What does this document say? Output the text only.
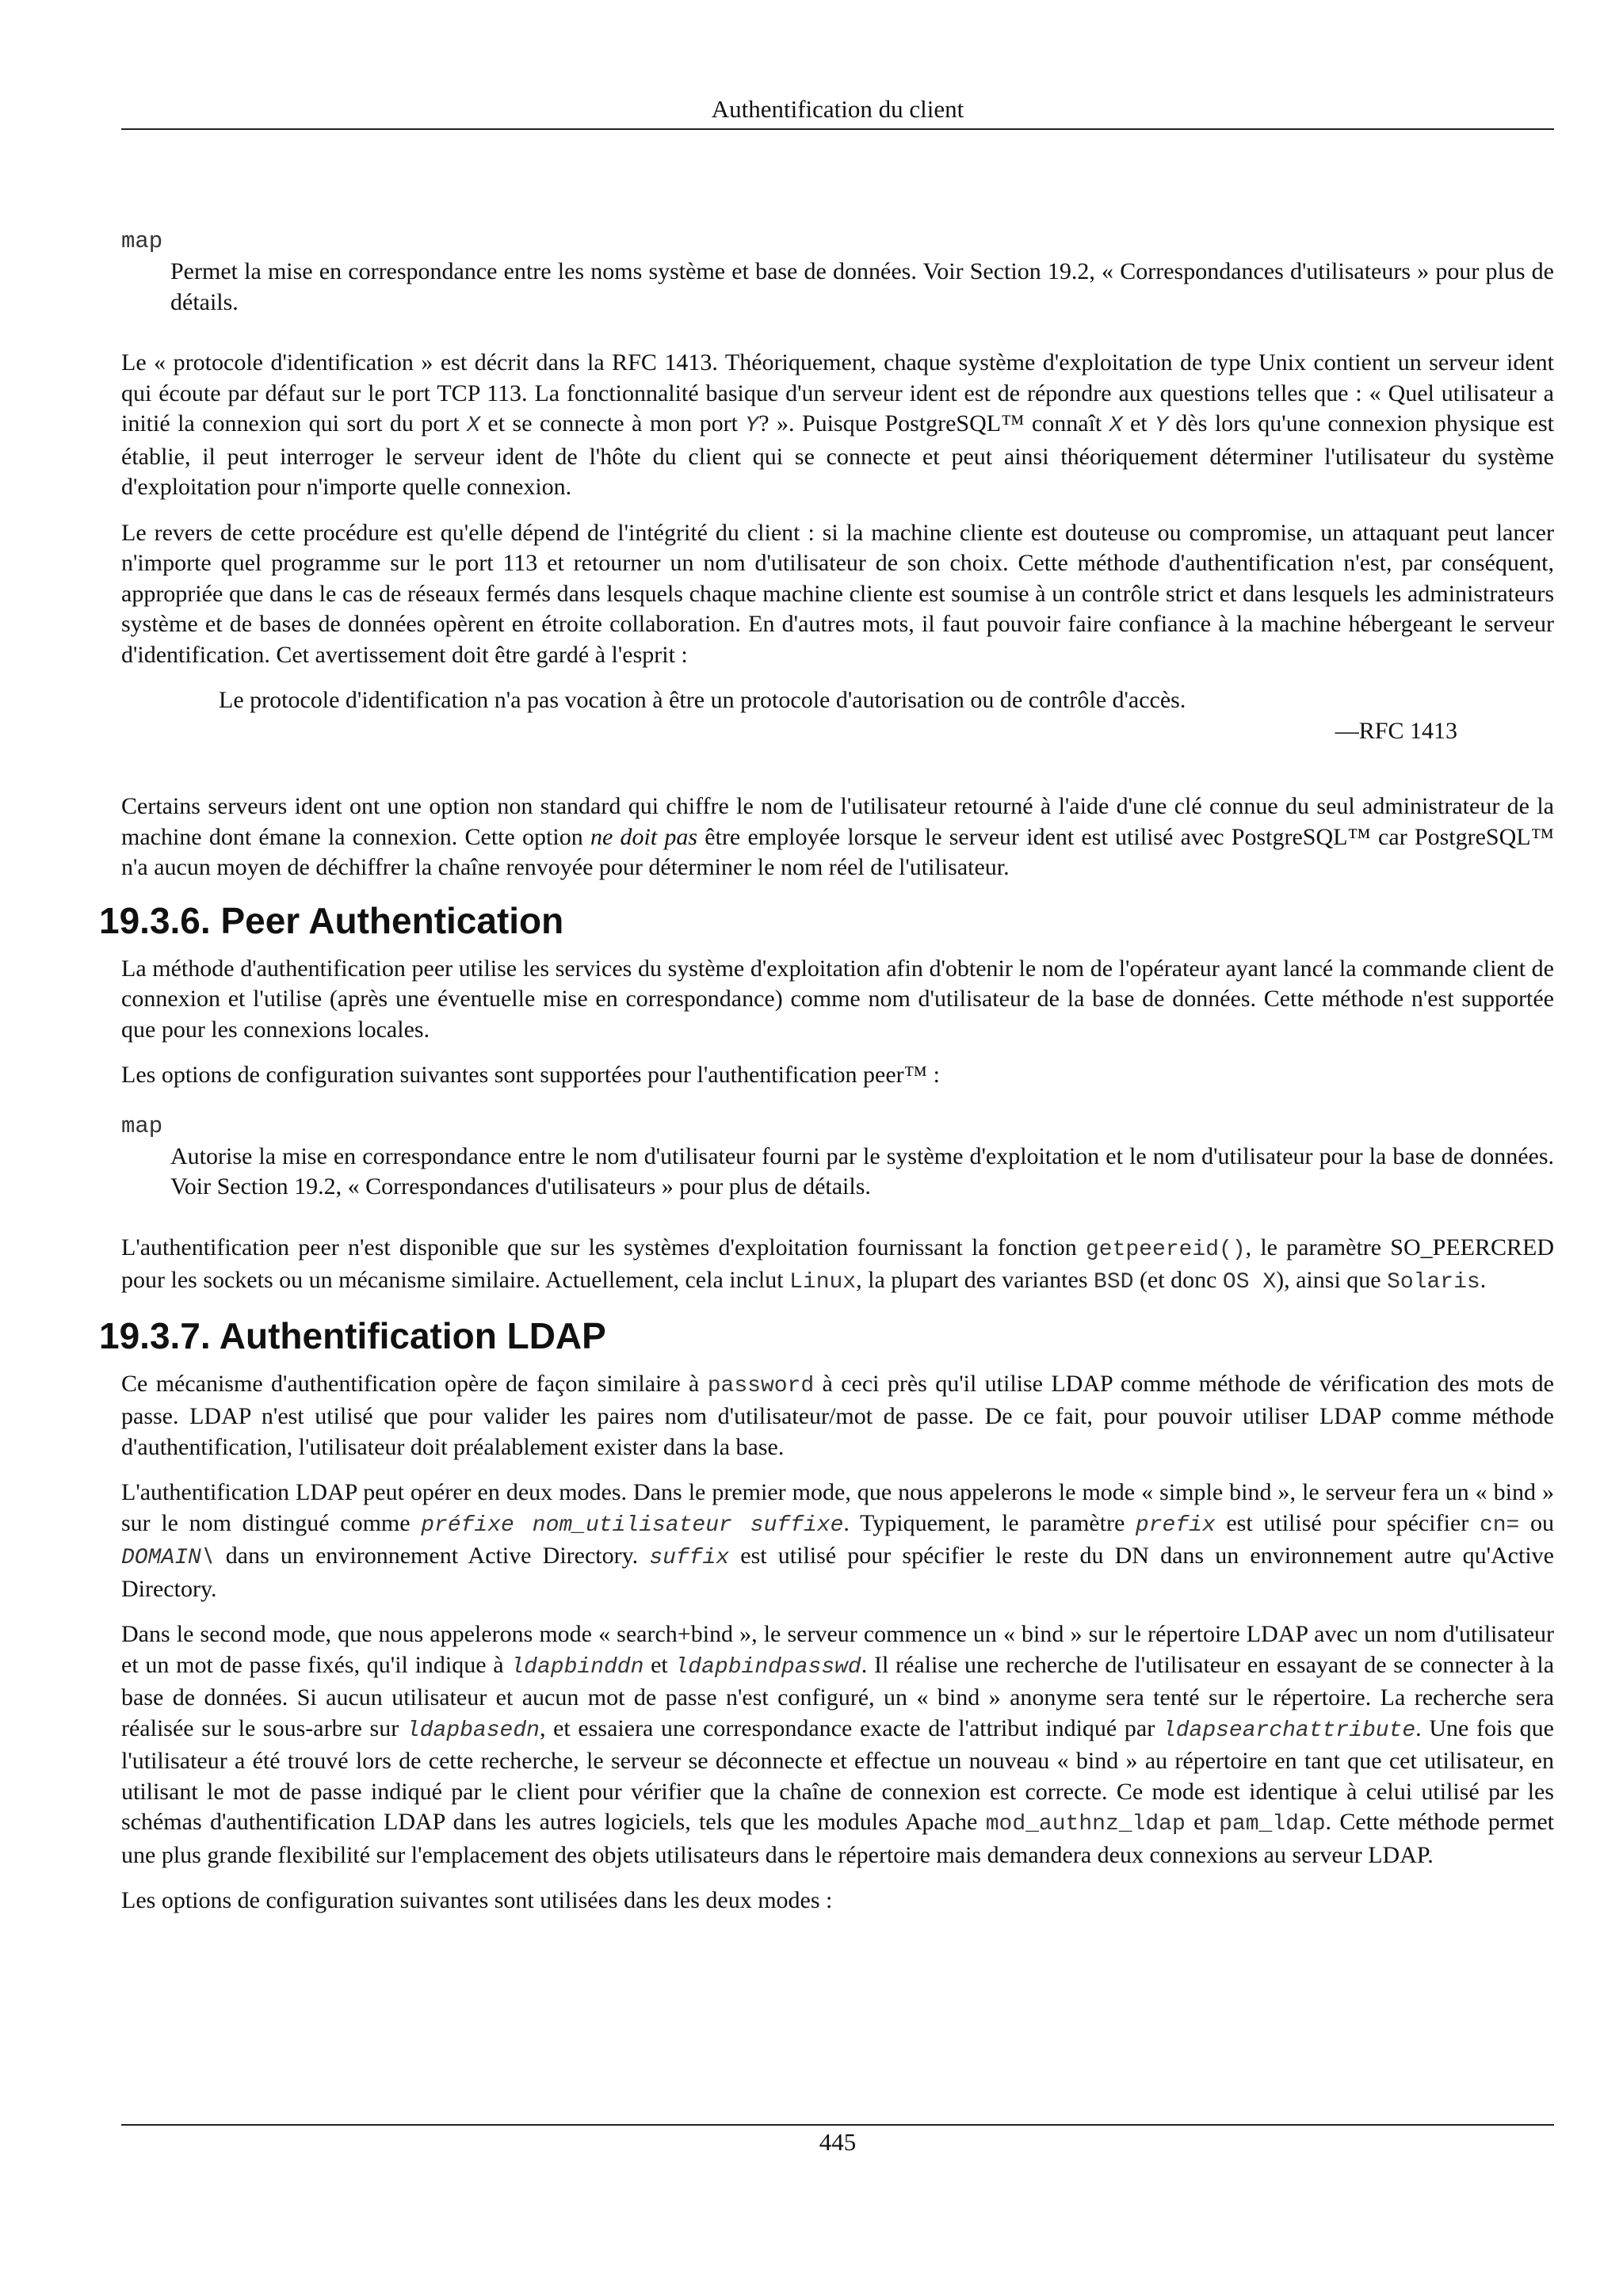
Authentification du client
map
Permet la mise en correspondance entre les noms système et base de données. Voir Section 19.2, « Correspondances d'utilisateurs » pour plus de détails.

Le « protocole d'identification » est décrit dans la RFC 1413. Théoriquement, chaque système d'exploitation de type Unix contient un serveur ident qui écoute par défaut sur le port TCP 113. La fonctionnalité basique d'un serveur ident est de répondre aux questions telles que : « Quel utilisateur a initié la connexion qui sort du port X et se connecte à mon port Y? ». Puisque PostgreSQL™ connaît X et Y dès lors qu'une connexion physique est établie, il peut interroger le serveur ident de l'hôte du client qui se connecte et peut ainsi théoriquement déterminer l'utilisateur du système d'exploitation pour n'importe quelle connexion.

Le revers de cette procédure est qu'elle dépend de l'intégrité du client : si la machine cliente est douteuse ou compromise, un attaquant peut lancer n'importe quel programme sur le port 113 et retourner un nom d'utilisateur de son choix. Cette méthode d'authentification n'est, par conséquent, appropriée que dans le cas de réseaux fermés dans lesquels chaque machine cliente est soumise à un contrôle strict et dans lesquels les administrateurs système et de bases de données opèrent en étroite collaboration. En d'autres mots, il faut pouvoir faire confiance à la machine hébergeant le serveur d'identification. Cet avertissement doit être gardé à l'esprit :

Le protocole d'identification n'a pas vocation à être un protocole d'autorisation ou de contrôle d'accès.
—RFC 1413

Certains serveurs ident ont une option non standard qui chiffre le nom de l'utilisateur retourné à l'aide d'une clé connue du seul administrateur de la machine dont émane la connexion. Cette option ne doit pas être employée lorsque le serveur ident est utilisé avec PostgreSQL™ car PostgreSQL™ n'a aucun moyen de déchiffrer la chaîne renvoyée pour déterminer le nom réel de l'utilisateur.

19.3.6. Peer Authentication

La méthode d'authentification peer utilise les services du système d'exploitation afin d'obtenir le nom de l'opérateur ayant lancé la commande client de connexion et l'utilise (après une éventuelle mise en correspondance) comme nom d'utilisateur de la base de données. Cette méthode n'est supportée que pour les connexions locales.

Les options de configuration suivantes sont supportées pour l'authentification peer™ :

map
Autorise la mise en correspondance entre le nom d'utilisateur fourni par le système d'exploitation et le nom d'utilisateur pour la base de données. Voir Section 19.2, « Correspondances d'utilisateurs » pour plus de détails.

L'authentification peer n'est disponible que sur les systèmes d'exploitation fournissant la fonction getpeereid(), le paramètre SO_PEERCRED pour les sockets ou un mécanisme similaire. Actuellement, cela inclut Linux, la plupart des variantes BSD (et donc OS X), ainsi que Solaris.

19.3.7. Authentification LDAP

Ce mécanisme d'authentification opère de façon similaire à password à ceci près qu'il utilise LDAP comme méthode de vérification des mots de passe. LDAP n'est utilisé que pour valider les paires nom d'utilisateur/mot de passe. De ce fait, pour pouvoir utiliser LDAP comme méthode d'authentification, l'utilisateur doit préalablement exister dans la base.

L'authentification LDAP peut opérer en deux modes. Dans le premier mode, que nous appelerons le mode « simple bind », le serveur fera un « bind » sur le nom distingué comme préfixe nom_utilisateur suffixe. Typiquement, le paramètre prefix est utilisé pour spécifier cn= ou DOMAIN\ dans un environnement Active Directory. suffix est utilisé pour spécifier le reste du DN dans un environnement autre qu'Active Directory.

Dans le second mode, que nous appelerons mode « search+bind », le serveur commence un « bind » sur le répertoire LDAP avec un nom d'utilisateur et un mot de passe fixés, qu'il indique à ldapbinddn et ldapbindpasswd. Il réalise une recherche de l'utilisateur en essayant de se connecter à la base de données. Si aucun utilisateur et aucun mot de passe n'est configuré, un « bind » anonyme sera tenté sur le répertoire. La recherche sera réalisée sur le sous-arbre sur ldapbasedn, et essaiera une correspondance exacte de l'attribut indiqué par ldapsearchattribute. Une fois que l'utilisateur a été trouvé lors de cette recherche, le serveur se déconnecte et effectue un nouveau « bind » au répertoire en tant que cet utilisateur, en utilisant le mot de passe indiqué par le client pour vérifier que la chaîne de connexion est correcte. Ce mode est identique à celui utilisé par les schémas d'authentification LDAP dans les autres logiciels, tels que les modules Apache mod_authnz_ldap et pam_ldap. Cette méthode permet une plus grande flexibilité sur l'emplacement des objets utilisateurs dans le répertoire mais demandera deux connexions au serveur LDAP.

Les options de configuration suivantes sont utilisées dans les deux modes :

445
